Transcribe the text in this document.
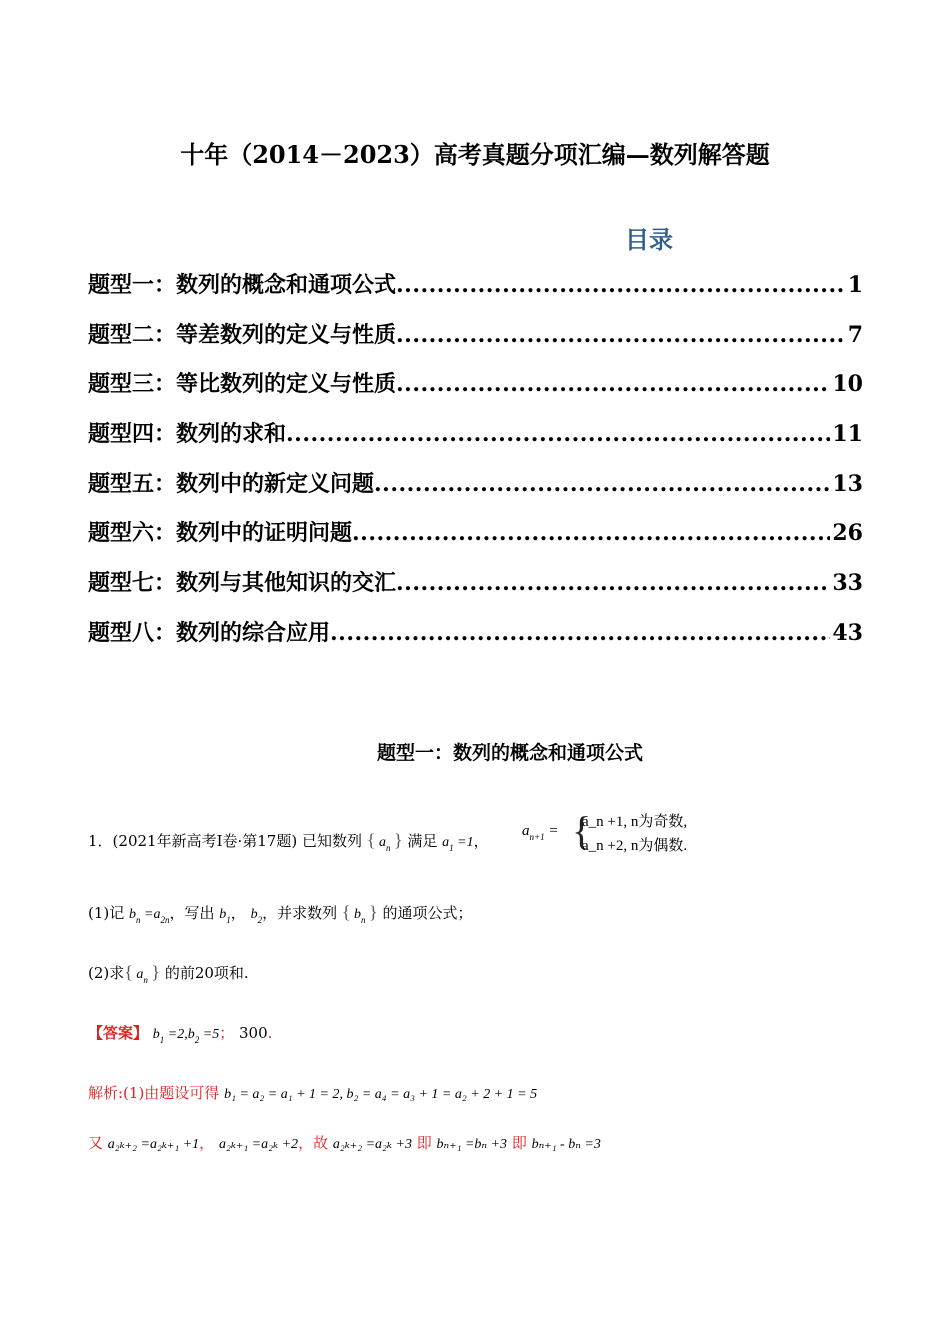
十年（2014－2023）高考真题分项汇编—数列解答题
目录
题型一：数列的概念和通项公式 .....	1
题型二：等差数列的定义与性质 .....	7
题型三：等比数列的定义与性质 .....	10
题型四：数列的求和 .....	11
题型五：数列中的新定义问题 .....	13
题型六：数列中的证明问题 .....	26
题型七：数列与其他知识的交汇 .....	33
题型八：数列的综合应用 .....	43
题型一：数列的概念和通项公式
1．(2021年新高考Ⅰ卷·第17题) 已知数列 { $a_n$ } 满足 $a_1 =1$，
$a_{n+1}$ = {
a_n +1, n为奇数,
a_n +2, n为偶数.
(1)记 $b_n =a_{2n}$，写出 $b_1$， $b_2$，并求数列 { $b_n$ } 的通项公式；
(2)求{ $a_n$ } 的前20项和.
【答案】 $b_1 =2,b_2 =5$； 300.
解析:(1)由题设可得 b₁ = a₂ = a₁ + 1 = 2, b₂ = a₄ = a₃ + 1 = a₂ + 2 + 1 = 5
又 a₂ₖ₊₂ =a₂ₖ₊₁ +1， a₂ₖ₊₁ =a₂ₖ +2，故 a₂ₖ₊₂ =a₂ₖ +3 即 bₙ₊₁ =bₙ +3 即 bₙ₊₁ - bₙ =3
